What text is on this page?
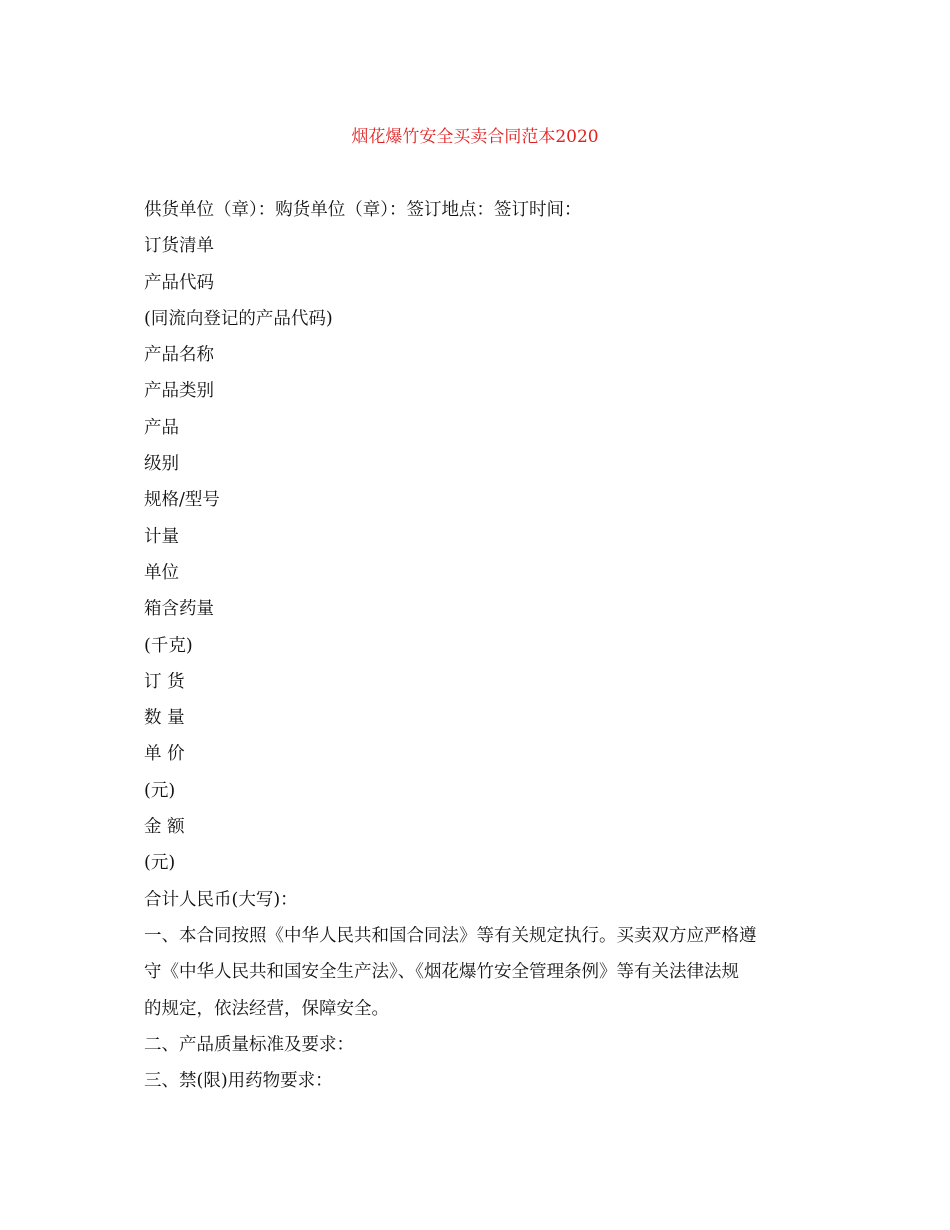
烟花爆竹安全买卖合同范本2020

供货单位（章）：购货单位（章）：签订地点：签订时间：

订货清单

产品代码

(同流向登记的产品代码)

产品名称

产品类别

产品

级别

规格/型号

计量

单位

箱含药量

(千克)

订 货

数 量

单 价

(元)

金 额

(元)

合计人民币(大写)：

一、本合同按照《中华人民共和国合同法》等有关规定执行。买卖双方应严格遵

守《中华人民共和国安全生产法》、《烟花爆竹安全管理条例》等有关法律法规

的规定，依法经营，保障安全。

二、产品质量标准及要求：

三、禁(限)用药物要求：
